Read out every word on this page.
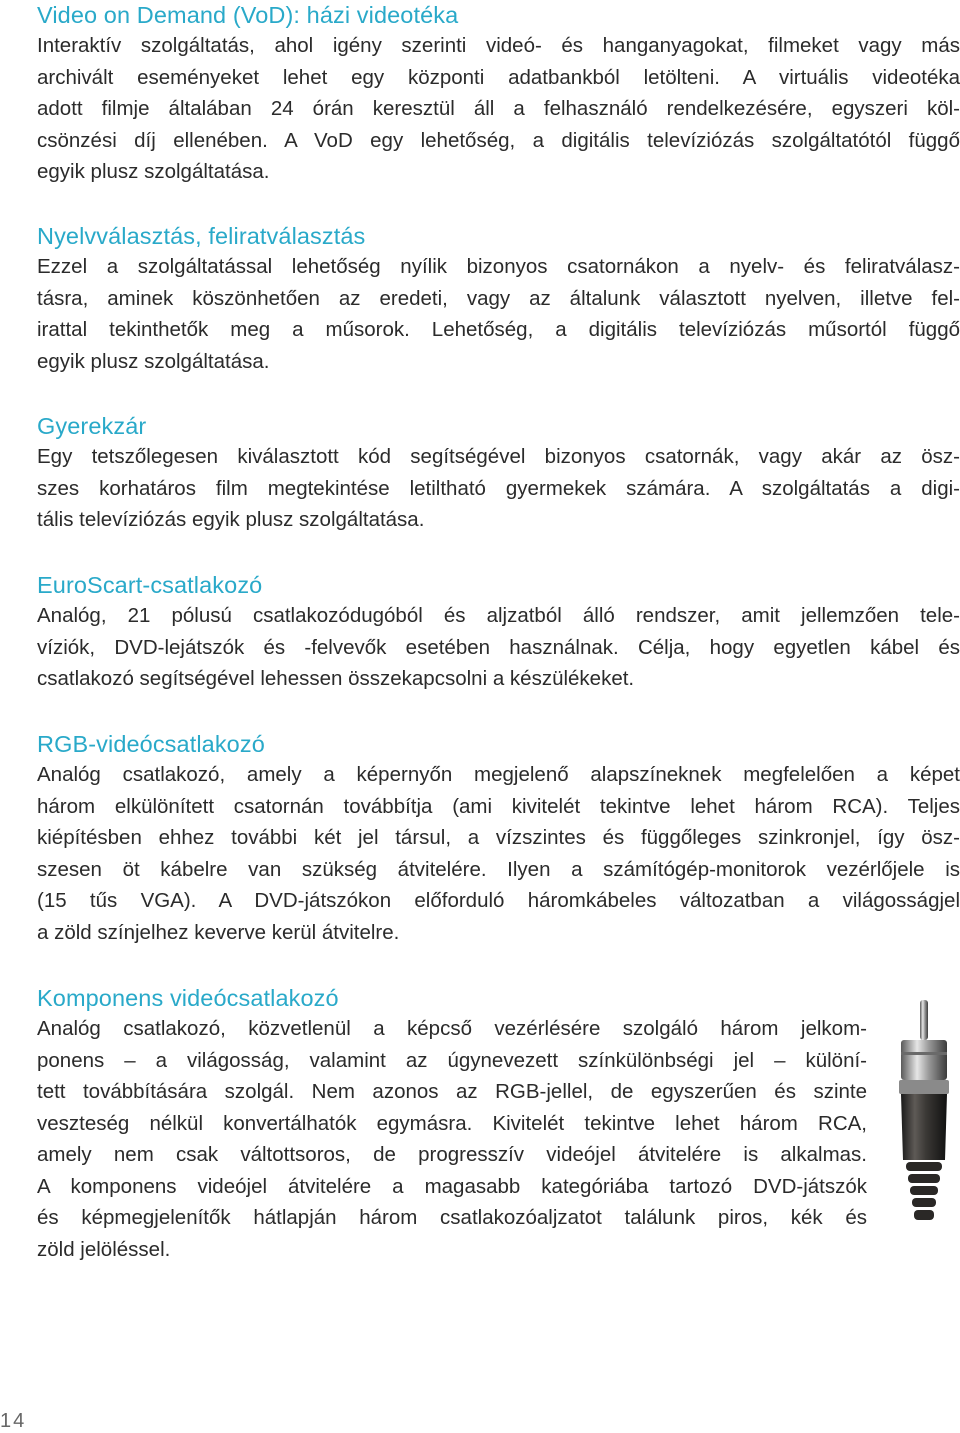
Video on Demand (VoD): házi videotéka
Interaktív szolgáltatás, ahol igény szerinti videó- és hanganyagokat, filmeket vagy más
archivált eseményeket lehet egy központi adatbankból letölteni. A virtuális videotéka
adott filmje általában 24 órán keresztül áll a felhasználó rendelkezésére, egyszeri köl-
csönzési díj ellenében. A VoD egy lehetőség, a digitális televíziózás szolgáltatótól függő
egyik plusz szolgáltatása.
Nyelvválasztás, feliratválasztás
Ezzel a szolgáltatással lehetőség nyílik bizonyos csatornákon a nyelv- és feliratválasz-
tásra, aminek köszönhetően az eredeti, vagy az általunk választott nyelven, illetve fel-
irattal tekinthetők meg a műsorok. Lehetőség, a digitális televíziózás műsortól függő
egyik plusz szolgáltatása.
Gyerekzár
Egy tetszőlegesen kiválasztott kód segítségével bizonyos csatornák, vagy akár az ösz-
szes korhatáros film megtekintése letiltható gyermekek számára. A szolgáltatás a digi-
tális televíziózás egyik plusz szolgáltatása.
EuroScart-csatlakozó
Analóg, 21 pólusú csatlakozódugóból és aljzatból álló rendszer, amit jellemzően tele-
víziók, DVD-lejátszók és -felvevők esetében használnak. Célja, hogy egyetlen kábel és
csatlakozó segítségével lehessen összekapcsolni a készülékeket.
RGB-videócsatlakozó
Analóg csatlakozó, amely a képernyőn megjelenő alapszíneknek megfelelően a képet
három elkülönített csatornán továbbítja (ami kivitelét tekintve lehet három RCA). Teljes
kiépítésben ehhez további két jel társul, a vízszintes és függőleges szinkronjel, így ösz-
szesen öt kábelre van szükség átvitelére. Ilyen a számítógép-monitorok vezérlőjele is
(15 tűs VGA). A DVD-játszókon előforduló háromkábeles változatban a világosságjel
a zöld színjelhez keverve kerül átvitelre.
Komponens videócsatlakozó
Analóg csatlakozó, közvetlenül a képcső vezérlésére szolgáló három jelkom-
ponens – a világosság, valamint az úgynevezett színkülönbségi jel – különí-
tett továbbítására szolgál. Nem azonos az RGB-jellel, de egyszerűen és szinte
veszteség nélkül konvertálhatók egymásra. Kivitelét tekintve lehet három RCA,
amely nem csak váltottsoros, de progresszív videójel átvitelére is alkalmas.
A komponens videójel átvitelére a magasabb kategóriába tartozó DVD-játszók
és képmegjelenítők hátlapján három csatlakozóaljzatot találunk piros, kék és
zöld jelöléssel.
14
